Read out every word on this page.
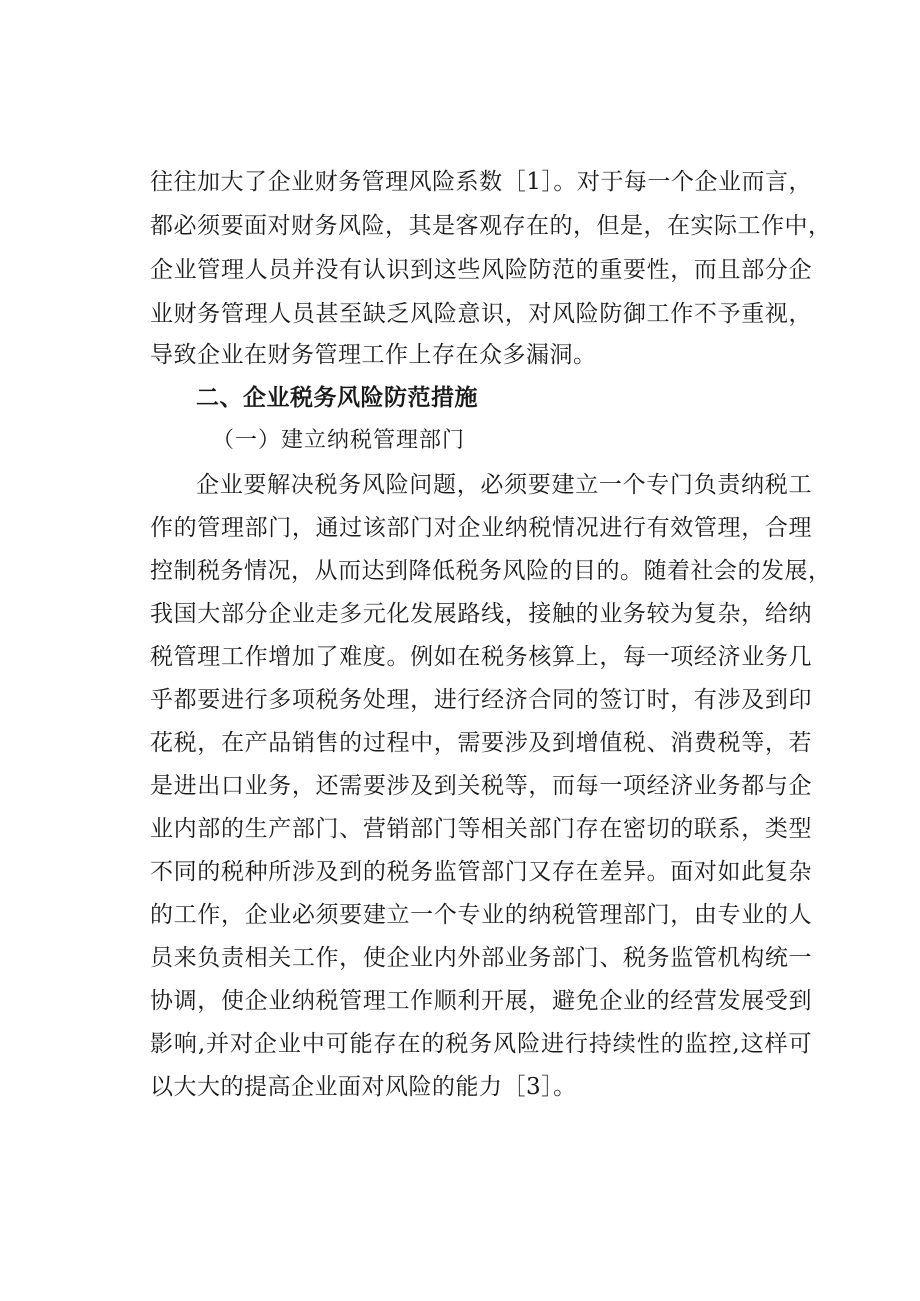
往往加大了企业财务管理风险系数［1］。对于每一个企业而言，
都必须要面对财务风险，其是客观存在的，但是，在实际工作中，
企业管理人员并没有认识到这些风险防范的重要性，而且部分企
业财务管理人员甚至缺乏风险意识，对风险防御工作不予重视，
导致企业在财务管理工作上存在众多漏洞。
二、企业税务风险防范措施
（一）建立纳税管理部门
企业要解决税务风险问题，必须要建立一个专门负责纳税工
作的管理部门，通过该部门对企业纳税情况进行有效管理，合理
控制税务情况，从而达到降低税务风险的目的。随着社会的发展，
我国大部分企业走多元化发展路线，接触的业务较为复杂，给纳
税管理工作增加了难度。例如在税务核算上，每一项经济业务几
乎都要进行多项税务处理，进行经济合同的签订时，有涉及到印
花税，在产品销售的过程中，需要涉及到增值税、消费税等，若
是进出口业务，还需要涉及到关税等，而每一项经济业务都与企
业内部的生产部门、营销部门等相关部门存在密切的联系，类型
不同的税种所涉及到的税务监管部门又存在差异。面对如此复杂
的工作，企业必须要建立一个专业的纳税管理部门，由专业的人
员来负责相关工作，使企业内外部业务部门、税务监管机构统一
协调，使企业纳税管理工作顺利开展，避免企业的经营发展受到
影响,并对企业中可能存在的税务风险进行持续性的监控,这样可
以大大的提高企业面对风险的能力［3］。
